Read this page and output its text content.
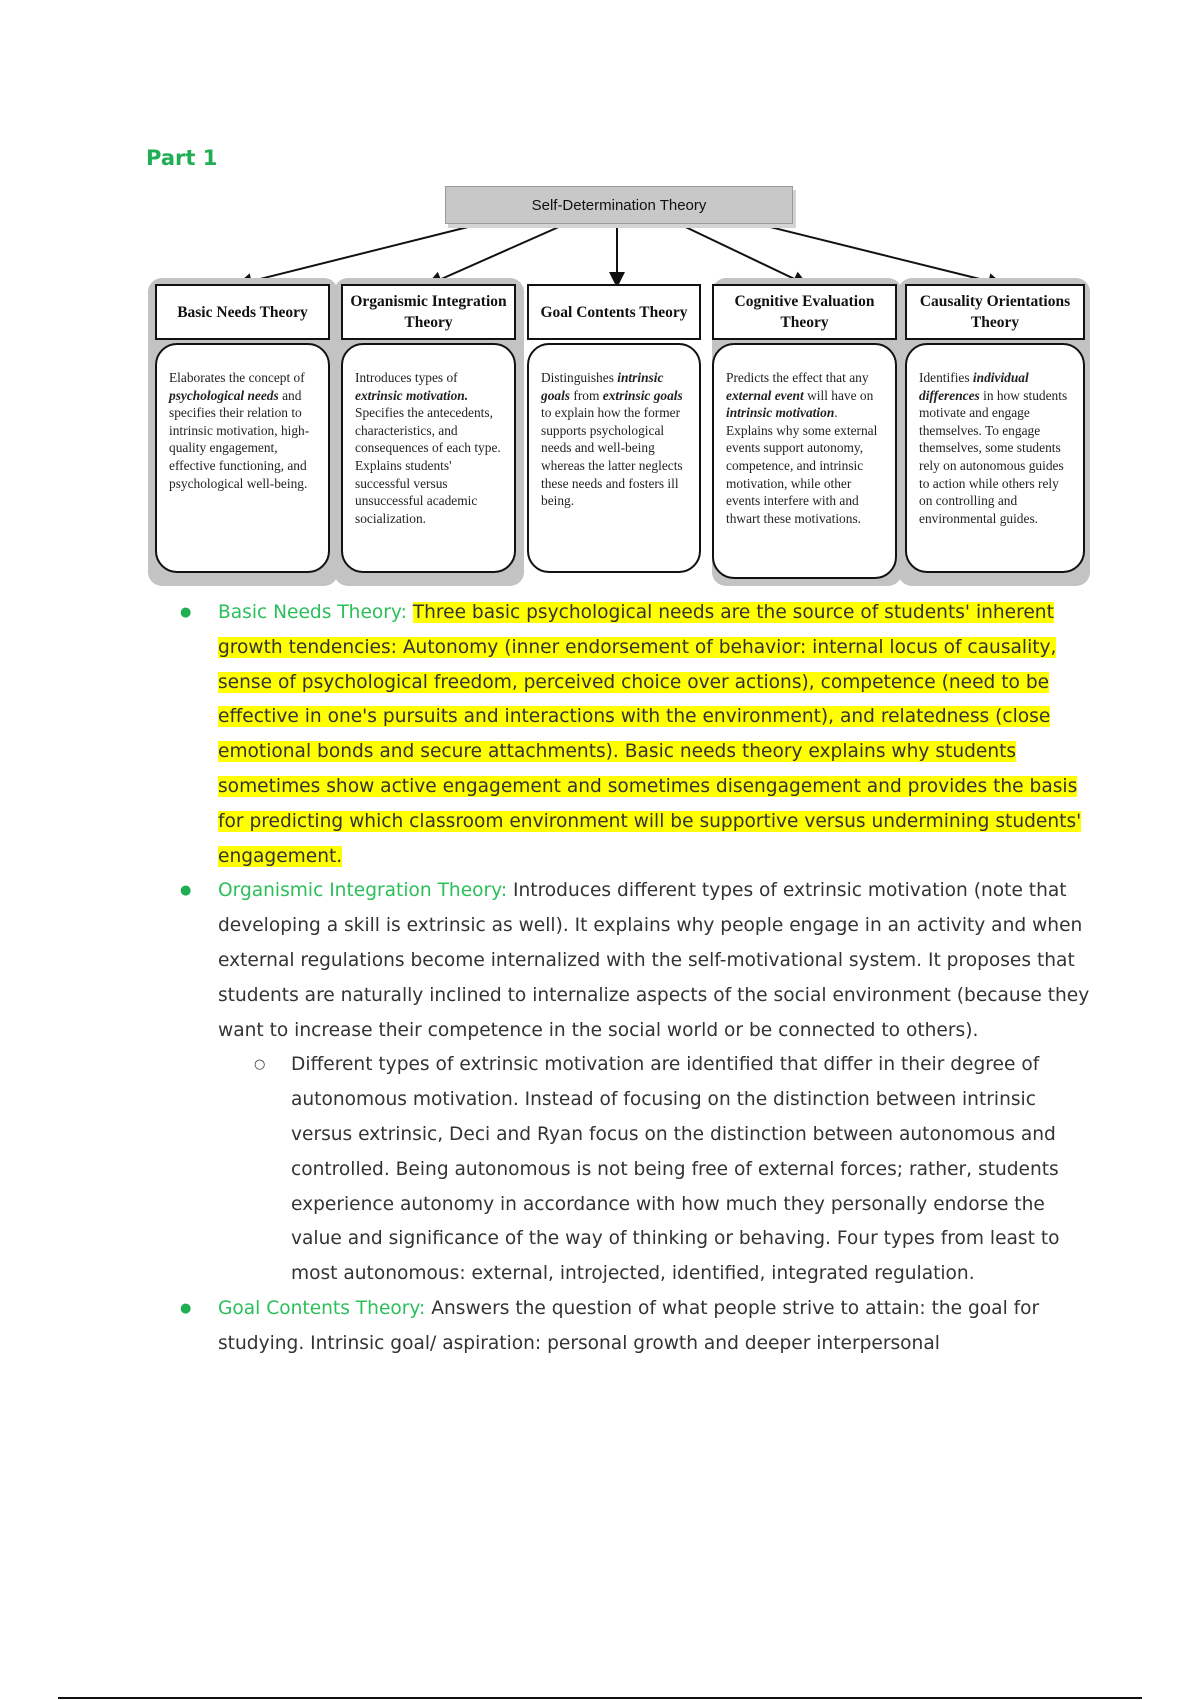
Part 1
Self-Determination Theory
Basic Needs Theory
Organismic Integration Theory
Goal Contents Theory
Cognitive Evaluation Theory
Causality Orientations Theory
Elaborates the concept of psychological needs and specifies their relation to intrinsic motivation, high-quality engagement, effective functioning, and psychological well-being.
Introduces types of extrinsic motivation. Specifies the antecedents, characteristics, and consequences of each type. Explains students' successful versus unsuccessful academic socialization.
Distinguishes intrinsic goals from extrinsic goals to explain how the former supports psychological needs and well-being whereas the latter neglects these needs and fosters ill being.
Predicts the effect that any external event will have on intrinsic motivation. Explains why some external events support autonomy, competence, and intrinsic motivation, while other events interfere with and thwart these motivations.
Identifies individual differences in how students motivate and engage themselves. To engage themselves, some students rely on autonomous guides to action while others rely on controlling and environmental guides.
● Basic Needs Theory: Three basic psychological needs are the source of students' inherent growth tendencies: Autonomy (inner endorsement of behavior: internal locus of causality, sense of psychological freedom, perceived choice over actions), competence (need to be effective in one's pursuits and interactions with the environment), and relatedness (close emotional bonds and secure attachments). Basic needs theory explains why students sometimes show active engagement and sometimes disengagement and provides the basis for predicting which classroom environment will be supportive versus undermining students' engagement.
● Organismic Integration Theory: Introduces different types of extrinsic motivation (note that developing a skill is extrinsic as well). It explains why people engage in an activity and when external regulations become internalized with the self-motivational system. It proposes that students are naturally inclined to internalize aspects of the social environment (because they want to increase their competence in the social world or be connected to others).
○ Different types of extrinsic motivation are identified that differ in their degree of autonomous motivation. Instead of focusing on the distinction between intrinsic versus extrinsic, Deci and Ryan focus on the distinction between autonomous and controlled. Being autonomous is not being free of external forces; rather, students experience autonomy in accordance with how much they personally endorse the value and significance of the way of thinking or behaving. Four types from least to most autonomous: external, introjected, identified, integrated regulation.
● Goal Contents Theory: Answers the question of what people strive to attain: the goal for studying. Intrinsic goal/ aspiration: personal growth and deeper interpersonal
